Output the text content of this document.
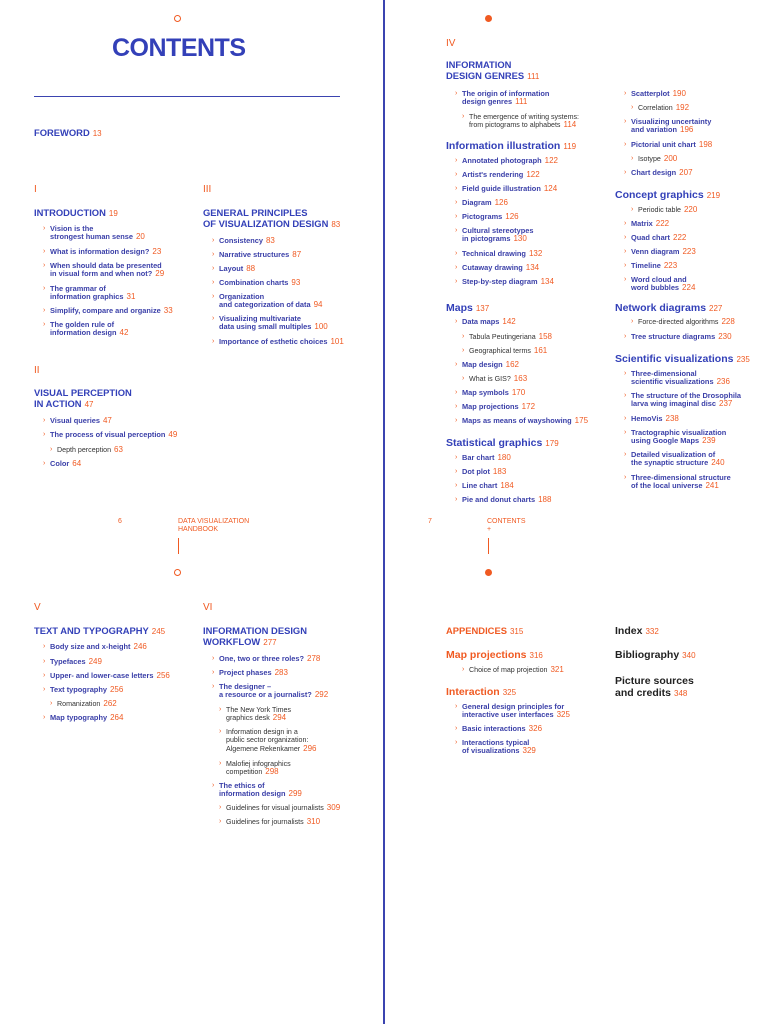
CONTENTS
FOREWORD 13
I
INTRODUCTION 19
II
VISUAL PERCEPTION
IN ACTION 47
III
GENERAL PRINCIPLES
OF VISUALIZATION DESIGN 83
IV
INFORMATION
DESIGN GENRES 111
Information illustration 119
Maps 137
Statistical graphics 179
Concept graphics 219
Network diagrams 227
Scientific visualizations 235
6	DATA VISUALIZATION
HANDBOOK
7	CONTENTS
+
V
TEXT AND TYPOGRAPHY 245
VI
INFORMATION DESIGN
WORKFLOW 277
APPENDICES 315
Map projections 316
Interaction 325
Index 332
Bibliography 340
Picture sources
and credits 348
› Vision is the
strongest human sense 20
› What is information design? 23
› When should data be presented
in visual form and when not? 29
› The grammar of
information graphics 31
› Simplify, compare and organize 33
› The golden rule of
information design 42
› Visual queries 47
› The process of visual perception 49
› Depth perception 63
› Color 64
› Consistency 83
› Narrative structures 87
› Layout 88
› Combination charts 93
› Organization
and categorization of data 94
› Visualizing multivariate
data using small multiples 100
› Importance of esthetic choices 101
› The origin of information
design genres 111
› The emergence of writing systems:
from pictograms to alphabets 114
› Annotated photograph 122
› Artist's rendering 122
› Field guide illustration 124
› Diagram 126
› Pictograms 126
› Cultural stereotypes
in pictograms 130
› Technical drawing 132
› Cutaway drawing 134
› Step-by-step diagram 134
› Data maps 142
› Tabula Peutingeriana 158
› Geographical terms 161
› Map design 162
› What is GIS? 163
› Map symbols 170
› Map projections 172
› Maps as means of wayshowing 175
› Bar chart 180
› Dot plot 183
› Line chart 184
› Pie and donut charts 188
› Scatterplot 190
› Correlation 192
› Visualizing uncertainty
and variation 196
› Pictorial unit chart 198
› Isotype 200
› Chart design 207
› Periodic table 220
› Matrix 222
› Quad chart 222
› Venn diagram 223
› Timeline 223
› Word cloud and
word bubbles 224
› Force-directed algorithms 228
› Tree structure diagrams 230
› Three-dimensional
scientific visualizations 236
› The structure of the Drosophila
larva wing imaginal disc 237
› HemoVis 238
› Tractographic visualization
using Google Maps 239
› Detailed visualization of
the synaptic structure 240
› Three-dimensional structure
of the local universe 241
› Body size and x-height 246
› Typefaces 249
› Upper- and lower-case letters 256
› Text typography 256
› Romanization 262
› Map typography 264
› One, two or three roles? 278
› Project phases 283
› The designer –
a resource or a journalist? 292
› The New York Times
graphics desk 294
› Information design in a
public sector organization:
Algemene Rekenkamer 296
› Malofiej infographics
competition 298
› The ethics of
information design 299
› Guidelines for visual journalists 309
› Guidelines for journalists 310
› Choice of map projection 321
› General design principles for
interactive user interfaces 325
› Basic interactions 326
› Interactions typical
of visualizations 329
